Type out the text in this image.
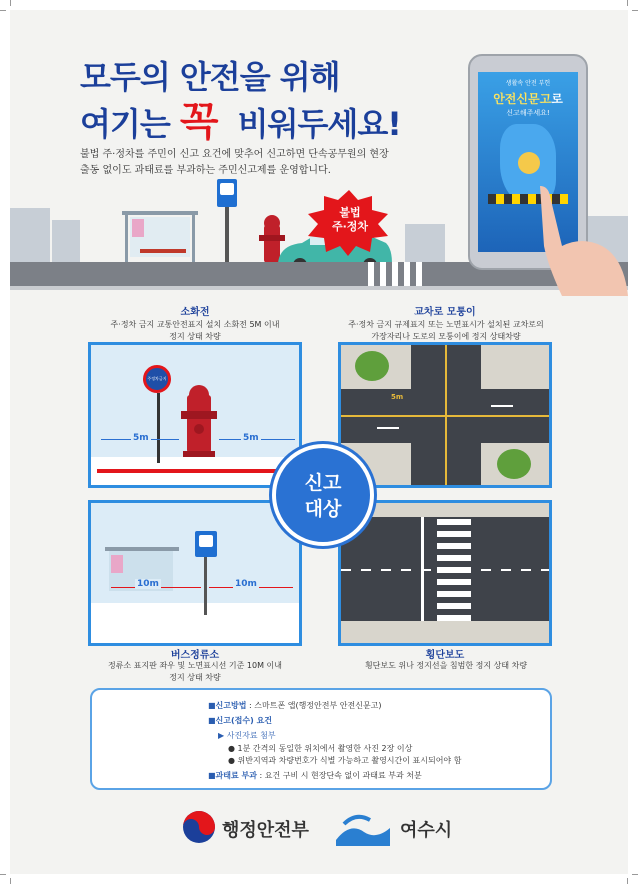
모두의 안전을 위해
여기는 꼭 비워두세요!
불법 주·정차를 주민이 신고 요건에 맞추어 신고하면 단속공무원의 현장 출동 없이도 과태료를 부과하는 주민신고제를 운영합니다.
불법
주·정차
생활속 안전 부헌
안전신문고로
신고해주세요!
소화전
주·정차 금지 교통안전표지 설치 소화전 5M 이내
정지 상태 차량
주정차금지
5m	5m
교차로 모퉁이
주·정차 금지 규제표지 또는 노면표시가 설치된 교차로의
가장자리나 도로의 모퉁이에 정지 상태차량
5m
10m	10m
버스정류소
정류소 표지판 좌우 및 노면표시선 기준 10M 이내
정지 상태 차량
횡단보도
횡단보도 위나 정지선을 침범한 정지 상태 차량
신고
대상
■신고방법 : 스마트폰 앱(행정안전부 안전신문고)
■신고(접수) 요건
▶ 사진자료 첨부
● 1분 간격의 동일한 위치에서 촬영한 사진 2장 이상
● 위반지역과 차량번호가 식별 가능하고 촬영시간이 표시되어야 함
■과태료 부과 : 요건 구비 시 현장단속 없이 과태료 부과 처분
행정안전부	여수시
